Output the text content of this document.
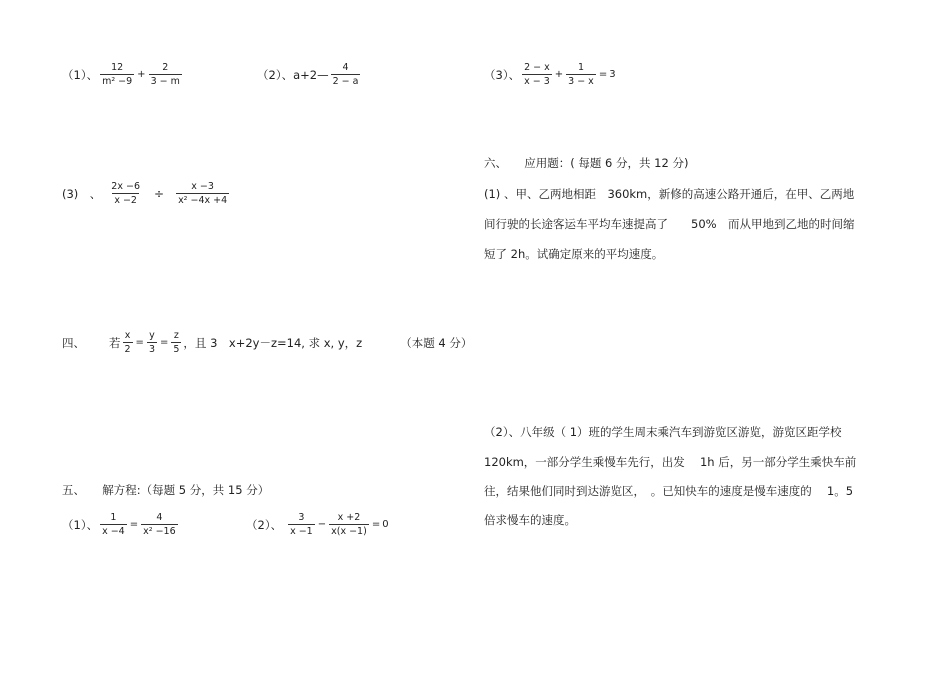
（1）、 $\frac{12}{\text{m² −9}} + \frac{2}{3 - m}$	（2）、 a+2— $\frac{4}{2 - a}$
(3)　、 $\frac{2x -6}{x -2} \div \frac{x -3}{\text{x² −4x +4}}$
四、 若 $\frac{x}{2} = \frac{y}{3} = \frac{z}{5}$ ，且 3　x+2y－z=14, 求 x, y，z	（本题 4 分）
五、　　解方程:（每题 5 分，共 15 分）
（1）、 $\frac{1}{x -4} = \frac{4}{\text{x² −16}}$	（2）、 $\frac{3}{x -1} - \frac{x +2}{x(x -1)} = 0$
（3）、 $\frac{2 - x}{x - 3} + \frac{1}{3 - x} = 3$
六、　　应用题：( 每题 6 分，共 12 分)
(1) 、甲、乙两地相距　360km，新修的高速公路开通后，在甲、乙两地
间行驶的长途客运车平均车速提高了　　50%　而从甲地到乙地的时间缩
短了 2h。试确定原来的平均速度。
（2）、八年级（ 1）班的学生周末乘汽车到游览区游览，游览区距学校
120km，一部分学生乘慢车先行，出发　 1h 后，另一部分学生乘快车前
往，结果他们同时到达游览区，　。已知快车的速度是慢车速度的　 1。5
倍求慢车的速度。
